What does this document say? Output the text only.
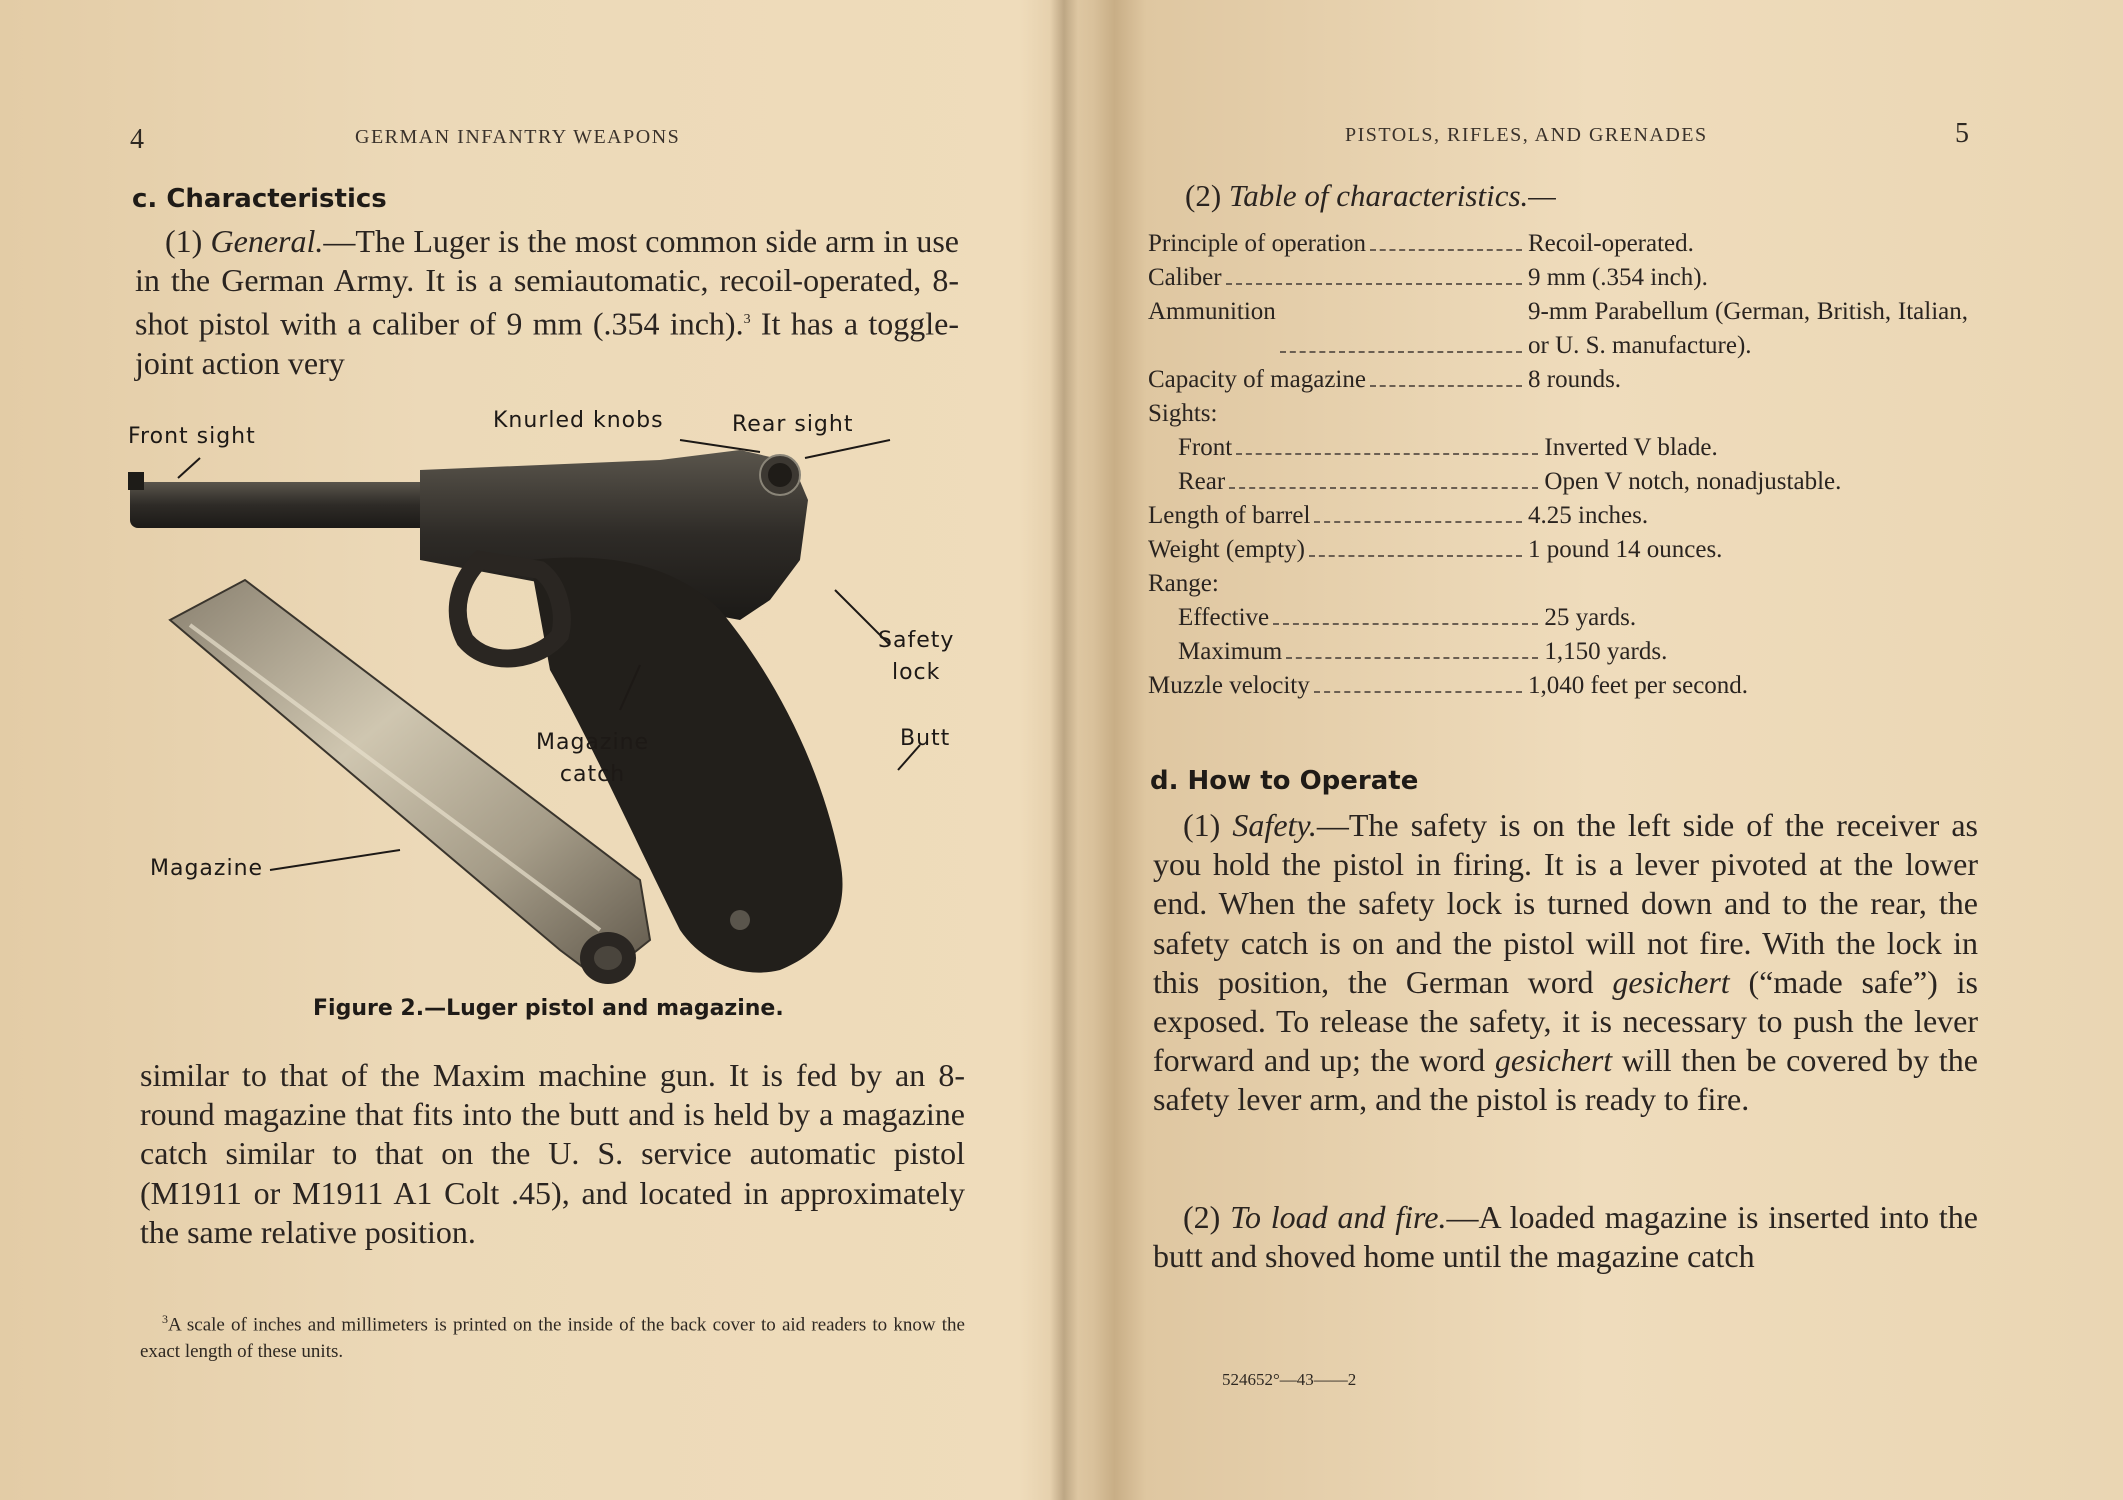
4	GERMAN INFANTRY WEAPONS
c. Characteristics
(1) General.—The Luger is the most common side arm in use in the German Army. It is a semiautomatic, recoil-operated, 8-shot pistol with a caliber of 9 mm (.354 inch).$^3$ It has a toggle-joint action very
Front sight
Knurled knobs	Rear sight
Safety
lock
Magazine
catch
Butt
Magazine
Figure 2.—Luger pistol and magazine.
similar to that of the Maxim machine gun. It is fed by an 8-round magazine that fits into the butt and is held by a magazine catch similar to that on the U. S. service automatic pistol (M1911 or M1911 A1 Colt .45), and located in approximately the same relative position.
$^3$A scale of inches and millimeters is printed on the inside of the back cover to aid readers to know the exact length of these units.
PISTOLS, RIFLES, AND GRENADES	5
(2) Table of characteristics.—
Principle of operation	Recoil-operated.
Caliber	9 mm (.354 inch).
Ammunition	9-mm Parabellum (German, British, Italian, or U. S. manufacture).
Capacity of magazine	8 rounds.
Sights:
Front	Inverted V blade.
Rear	Open V notch, nonadjustable.
Length of barrel	4.25 inches.
Weight (empty)	1 pound 14 ounces.
Range:
Effective	25 yards.
Maximum	1,150 yards.
Muzzle velocity	1,040 feet per second.
d. How to Operate
(1) Safety.—The safety is on the left side of the receiver as you hold the pistol in firing. It is a lever pivoted at the lower end. When the safety lock is turned down and to the rear, the safety catch is on and the pistol will not fire. With the lock in this position, the German word gesichert (“made safe”) is exposed. To release the safety, it is necessary to push the lever forward and up; the word gesichert will then be covered by the safety lever arm, and the pistol is ready to fire.
(2) To load and fire.—A loaded magazine is inserted into the butt and shoved home until the magazine catch
524652°—43——2
